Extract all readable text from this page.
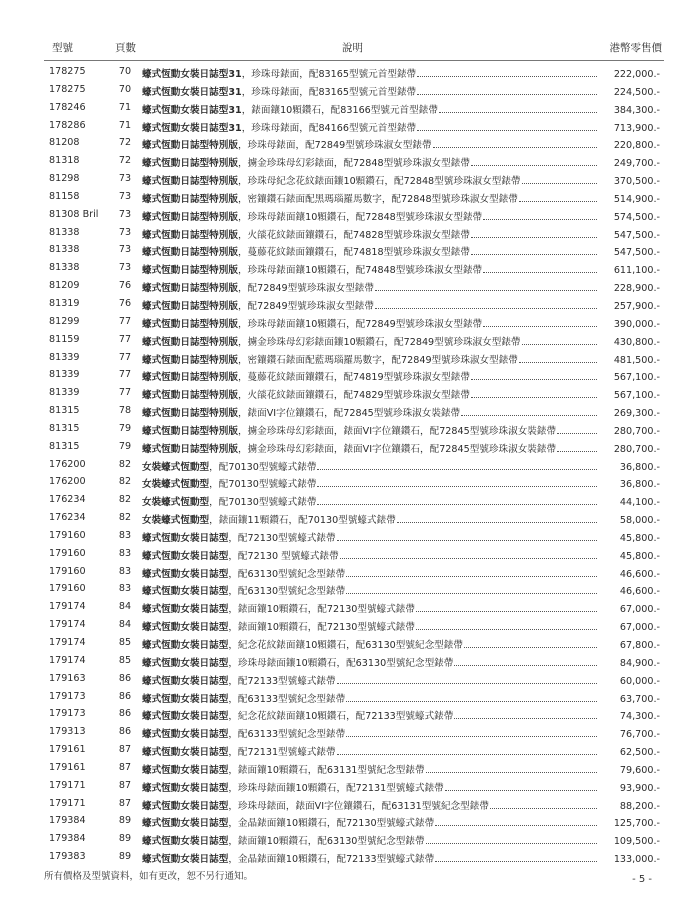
型號	頁數	說明	港幣零售價
178275	70	蠔式恆動女裝日誌型31 ，珍珠母錶面，配83165型號元首型錶帶	222,000.-
178275	70	蠔式恆動女裝日誌型31 ，珍珠母錶面，配83165型號元首型錶帶	224,500.-
178246	71	蠔式恆動女裝日誌型31 ，錶面鑲10顆鑽石，配83166型號元首型錶帶	384,300.-
178286	71	蠔式恆動女裝日誌型31 ，珍珠母錶面，配84166型號元首型錶帶	713,900.-
81208	72	蠔式恆動日誌型特別版 ，珍珠母錶面，配72849型號珍珠淑女型錶帶	220,800.-
81318	72	蠔式恆動日誌型特別版 ，擄金珍珠母幻彩錶面，配72848型號珍珠淑女型錶帶	249,700.-
81298	73	蠔式恆動日誌型特別版 ，珍珠母紀念花紋錶面鑲10顆鑽石，配72848型號珍珠淑女型錶帶	370,500.-
81158	73	蠔式恆動日誌型特別版 ，密鑲鑽石錶面配黑瑪瑙羅馬數字，配72848型號珍珠淑女型錶帶	514,900.-
81308 Bril	73	蠔式恆動日誌型特別版 ，珍珠母錶面鑲10顆鑽石，配72848型號珍珠淑女型錶帶	574,500.-
81338	73	蠔式恆動日誌型特別版 ，火燄花紋錶面鑲鑽石，配74828型號珍珠淑女型錶帶	547,500.-
81338	73	蠔式恆動日誌型特別版 ，蔓藤花紋錶面鑲鑽石，配74818型號珍珠淑女型錶帶	547,500.-
81338	73	蠔式恆動日誌型特別版 ，珍珠母錶面鑲10顆鑽石，配74848型號珍珠淑女型錶帶	611,100.-
81209	76	蠔式恆動日誌型特別版 ，配72849型號珍珠淑女型錶帶	228,900.-
81319	76	蠔式恆動日誌型特別版 ，配72849型號珍珠淑女型錶帶	257,900.-
81299	77	蠔式恆動日誌型特別版 ，珍珠母錶面鑲10顆鑽石，配72849型號珍珠淑女型錶帶	390,000.-
81159	77	蠔式恆動日誌型特別版 ，擄金珍珠母幻彩錶面鑲10顆鑽石，配72849型號珍珠淑女型錶帶	430,800.-
81339	77	蠔式恆動日誌型特別版 ，密鑲鑽石錶面配藍瑪瑙羅馬數字，配72849型號珍珠淑女型錶帶	481,500.-
81339	77	蠔式恆動日誌型特別版 ，蔓藤花紋錶面鑲鑽石，配74819型號珍珠淑女型錶帶	567,100.-
81339	77	蠔式恆動日誌型特別版 ，火燄花紋錶面鑲鑽石，配74829型號珍珠淑女型錶帶	567,100.-
81315	78	蠔式恆動日誌型特別版 ，錶面VI字位鑲鑽石，配72845型號珍珠淑女裝錶帶	269,300.-
81315	79	蠔式恆動日誌型特別版 ，擄金珍珠母幻彩錶面，錶面VI字位鑲鑽石，配72845型號珍珠淑女裝錶帶	280,700.-
81315	79	蠔式恆動日誌型特別版 ，擄金珍珠母幻彩錶面，錶面VI字位鑲鑽石，配72845型號珍珠淑女裝錶帶	280,700.-
176200	82	女裝蠔式恆動型 ，配70130型號蠔式錶帶	36,800.-
176200	82	女裝蠔式恆動型 ，配70130型號蠔式錶帶	36,800.-
176234	82	女裝蠔式恆動型 ，配70130型號蠔式錶帶	44,100.-
176234	82	女裝蠔式恆動型 ，錶面鑲11顆鑽石，配70130型號蠔式錶帶	58,000.-
179160	83	蠔式恆動女裝日誌型 ，配72130型號蠔式錶帶	45,800.-
179160	83	蠔式恆動女裝日誌型 ，配72130 型號蠔式錶帶	45,800.-
179160	83	蠔式恆動女裝日誌型 ，配63130型號紀念型錶帶	46,600.-
179160	83	蠔式恆動女裝日誌型 ，配63130型號紀念型錶帶	46,600.-
179174	84	蠔式恆動女裝日誌型 ，錶面鑲10顆鑽石，配72130型號蠔式錶帶	67,000.-
179174	84	蠔式恆動女裝日誌型 ，錶面鑲10顆鑽石，配72130型號蠔式錶帶	67,000.-
179174	85	蠔式恆動女裝日誌型 ，紀念花紋錶面鑲10顆鑽石，配63130型號紀念型錶帶	67,800.-
179174	85	蠔式恆動女裝日誌型 ，珍珠母錶面鑲10顆鑽石，配63130型號紀念型錶帶	84,900.-
179163	86	蠔式恆動女裝日誌型 ，配72133型號蠔式錶帶	60,000.-
179173	86	蠔式恆動女裝日誌型 ，配63133型號紀念型錶帶	63,700.-
179173	86	蠔式恆動女裝日誌型 ，紀念花紋錶面鑲10顆鑽石，配72133型號蠔式錶帶	74,300.-
179313	86	蠔式恆動女裝日誌型 ，配63133型號紀念型錶帶	76,700.-
179161	87	蠔式恆動女裝日誌型 ，配72131型號蠔式錶帶	62,500.-
179161	87	蠔式恆動女裝日誌型 ，錶面鑲10顆鑽石，配63131型號紀念型錶帶	79,600.-
179171	87	蠔式恆動女裝日誌型 ，珍珠母錶面鑲10顆鑽石，配72131型號蠔式錶帶	93,900.-
179171	87	蠔式恆動女裝日誌型 ，珍珠母錶面，錶面VI字位鑲鑽石，配63131型號紀念型錶帶	88,200.-
179384	89	蠔式恆動女裝日誌型 ，金晶錶面鑲10顆鑽石，配72130型號蠔式錶帶	125,700.-
179384	89	蠔式恆動女裝日誌型 ，錶面鑲10顆鑽石，配63130型號紀念型錶帶	109,500.-
179383	89	蠔式恆動女裝日誌型 ，金晶錶面鑲10顆鑽石，配72133型號蠔式錶帶	133,000.-
所有價格及型號資料，如有更改，恕不另行通知。	- 5 -
